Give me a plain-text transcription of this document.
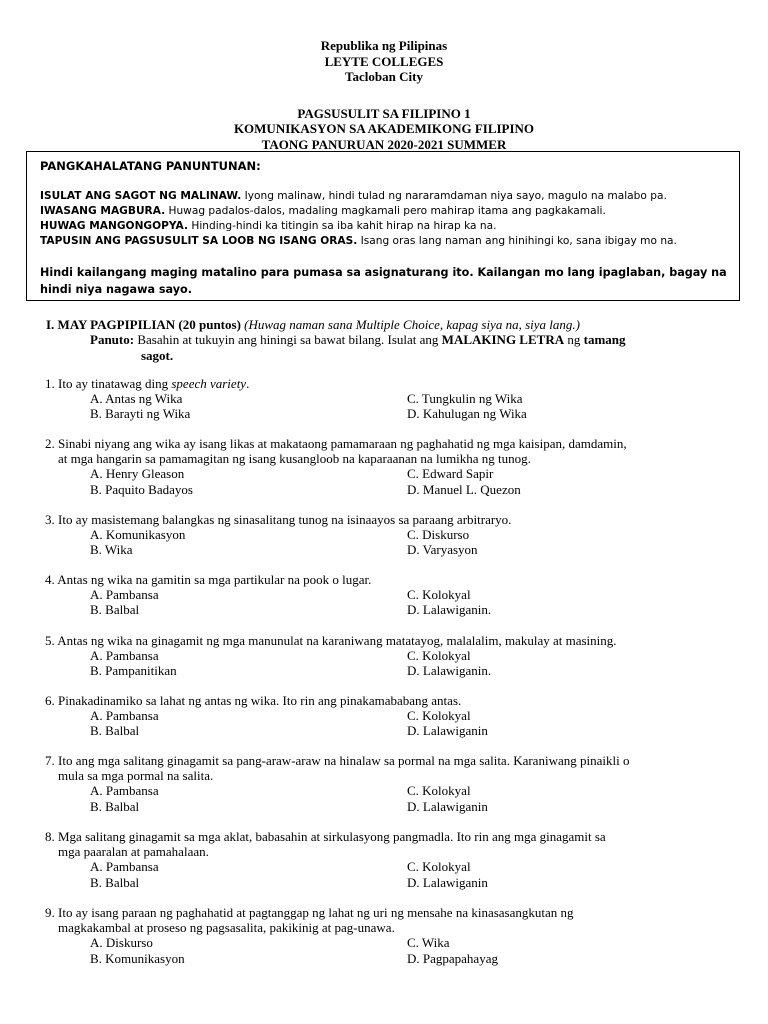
Republika ng Pilipinas
LEYTE COLLEGES
Tacloban City
PAGSUSULIT SA FILIPINO 1
KOMUNIKASYON SA AKADEMIKONG FILIPINO
TAONG PANURUAN 2020-2021 SUMMER
PANGKAHALATANG PANUNTUNAN:
ISULAT ANG SAGOT NG MALINAW. Iyong malinaw, hindi tulad ng nararamdaman niya sayo, magulo na malabo pa.
IWASANG MAGBURA. Huwag padalos-dalos, madaling magkamali pero mahirap itama ang pagkakamali.
HUWAG MANGONGOPYA. Hinding-hindi ka titingin sa iba kahit hirap na hirap ka na.
TAPUSIN ANG PAGSUSULIT SA LOOB NG ISANG ORAS. Isang oras lang naman ang hinihingi ko, sana ibigay mo na.
Hindi kailangang maging matalino para pumasa sa asignaturang ito. Kailangan mo lang ipaglaban, bagay na hindi niya nagawa sayo.
I. MAY PAGPIPILIAN (20 puntos) (Huwag naman sana Multiple Choice, kapag siya na, siya lang.)
Panuto: Basahin at tukuyin ang hiningi sa bawat bilang. Isulat ang MALAKING LETRA ng tamang
sagot.
1. Ito ay tinatawag ding speech variety.
A. Antas ng Wika
B. Barayti ng Wika
C. Tungkulin ng Wika
D. Kahulugan ng Wika
2. Sinabi niyang ang wika ay isang likas at makataong pamamaraan ng paghahatid ng mga kaisipan, damdamin,
at mga hangarin sa pamamagitan ng isang kusangloob na kaparaanan na lumikha ng tunog.
A. Henry Gleason
B. Paquito Badayos
C. Edward Sapir
D. Manuel L. Quezon
3. Ito ay masistemang balangkas ng sinasalitang tunog na isinaayos sa paraang arbitraryo.
A. Komunikasyon
B. Wika
C. Diskurso
D. Varyasyon
4. Antas ng wika na gamitin sa mga partikular na pook o lugar.
A. Pambansa
B. Balbal
C. Kolokyal
D. Lalawiganin.
5. Antas ng wika na ginagamit ng mga manunulat na karaniwang matatayog, malalalim, makulay at masining.
A. Pambansa
B. Pampanitikan
C. Kolokyal
D. Lalawiganin.
6. Pinakadinamiko sa lahat ng antas ng wika. Ito rin ang pinakamababang antas.
A. Pambansa
B. Balbal
C. Kolokyal
D. Lalawiganin
7. Ito ang mga salitang ginagamit sa pang-araw-araw na hinalaw sa pormal na mga salita. Karaniwang pinaikli o
mula sa mga pormal na salita.
A. Pambansa
B. Balbal
C. Kolokyal
D. Lalawiganin
8. Mga salitang ginagamit sa mga aklat, babasahin at sirkulasyong pangmadla. Ito rin ang mga ginagamit sa
mga paaralan at pamahalaan.
A. Pambansa
B. Balbal
C. Kolokyal
D. Lalawiganin
9. Ito ay isang paraan ng paghahatid at pagtanggap ng lahat ng uri ng mensahe na kinasasangkutan ng
magkakambal at proseso ng pagsasalita, pakikinig at pag-unawa.
A. Diskurso
B. Komunikasyon
C. Wika
D. Pagpapahayag
